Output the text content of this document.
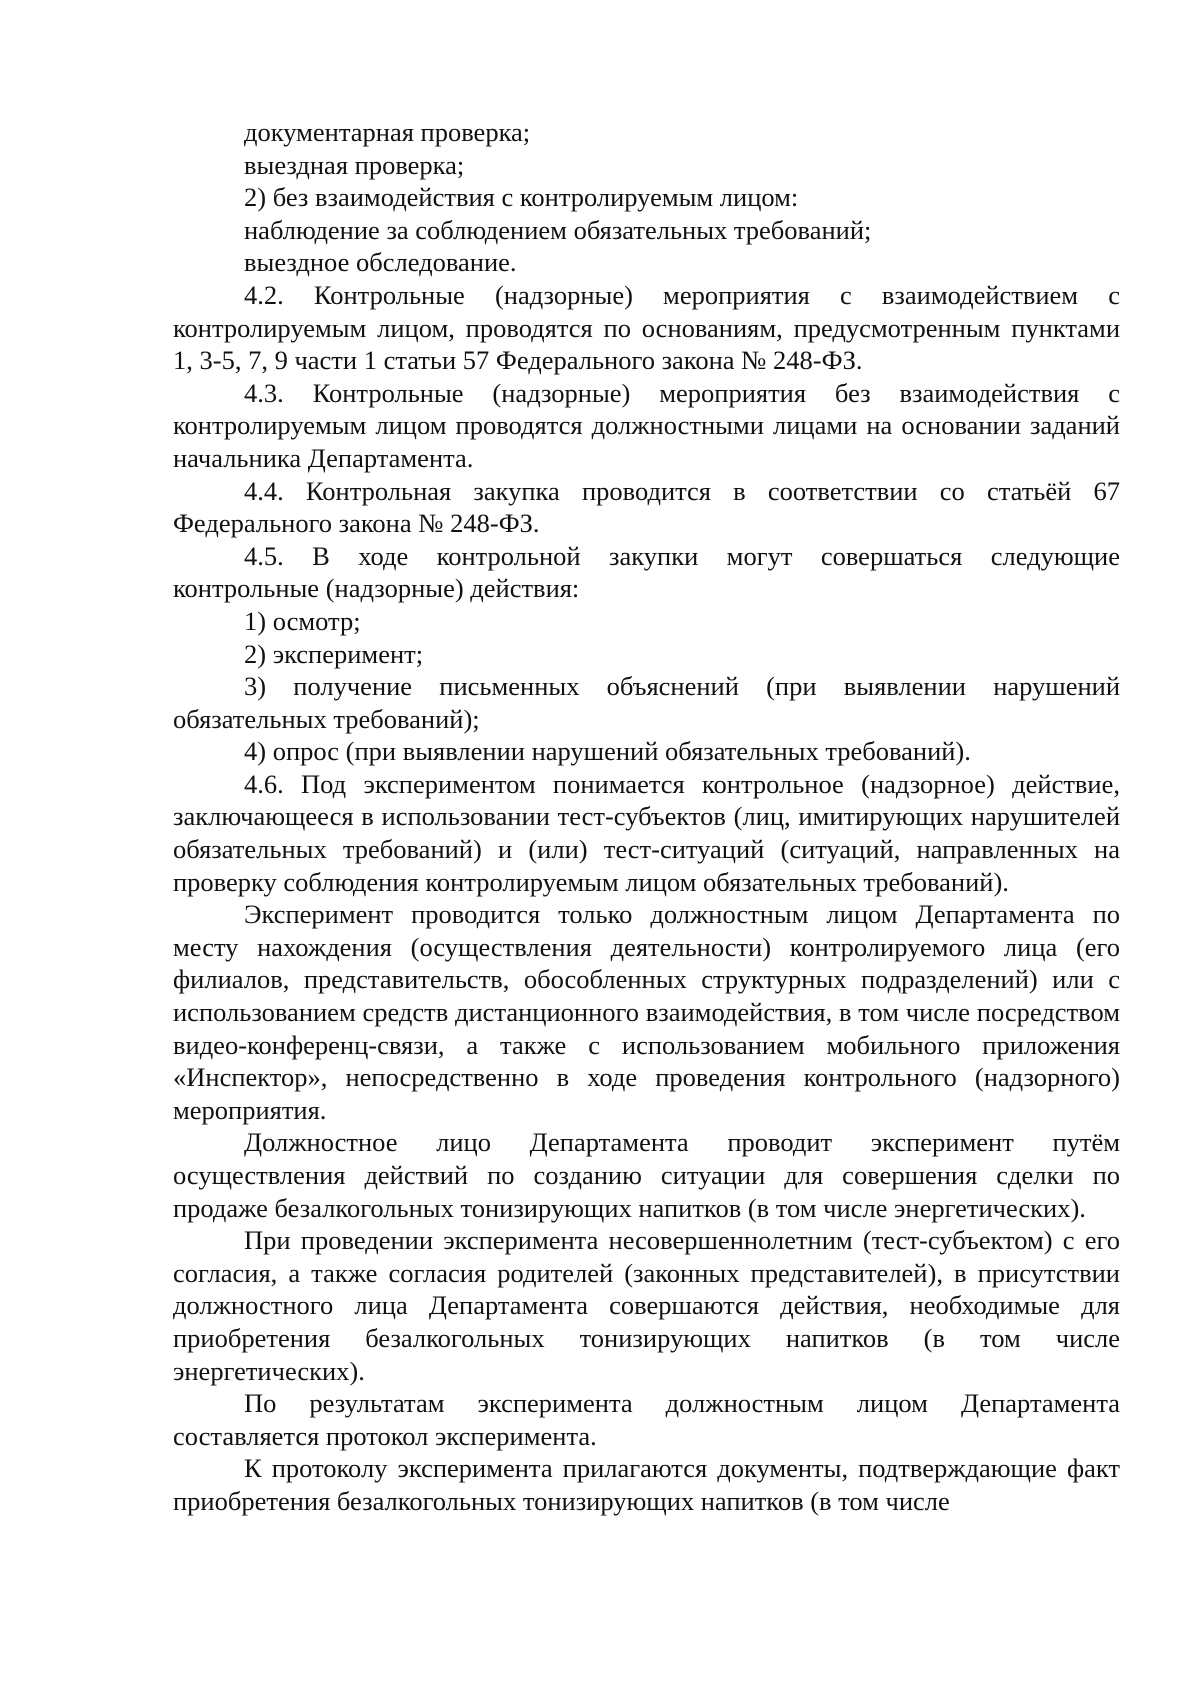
документарная проверка;

выездная проверка;

2) без взаимодействия с контролируемым лицом:

наблюдение за соблюдением обязательных требований;

выездное обследование.

4.2. Контрольные (надзорные) мероприятия с взаимодействием с контролируемым лицом, проводятся по основаниям, предусмотренным пунктами 1, 3-5, 7, 9 части 1 статьи 57 Федерального закона № 248-ФЗ.

4.3. Контрольные (надзорные) мероприятия без взаимодействия с контролируемым лицом проводятся должностными лицами на основании заданий начальника Департамента.

4.4. Контрольная закупка проводится в соответствии со статьёй 67 Федерального закона № 248-ФЗ.

4.5. В ходе контрольной закупки могут совершаться следующие контрольные (надзорные) действия:

1) осмотр;

2) эксперимент;

3) получение письменных объяснений (при выявлении нарушений обязательных требований);

4) опрос (при выявлении нарушений обязательных требований).

4.6. Под экспериментом понимается контрольное (надзорное) действие, заключающееся в использовании тест-субъектов (лиц, имитирующих нарушителей обязательных требований) и (или) тест-ситуаций (ситуаций, направленных на проверку соблюдения контролируемым лицом обязательных требований).

Эксперимент проводится только должностным лицом Департамента по месту нахождения (осуществления деятельности) контролируемого лица (его филиалов, представительств, обособленных структурных подразделений) или с использованием средств дистанционного взаимодействия, в том числе посредством видео-конференц-связи, а также с использованием мобильного приложения «Инспектор», непосредственно в ходе проведения контрольного (надзорного) мероприятия.

Должностное лицо Департамента проводит эксперимент путём осуществления действий по созданию ситуации для совершения сделки по продаже безалкогольных тонизирующих напитков (в том числе энергетических).

При проведении эксперимента несовершеннолетним (тест-субъектом) с его согласия, а также согласия родителей (законных представителей), в присутствии должностного лица Департамента совершаются действия, необходимые для приобретения безалкогольных тонизирующих напитков (в том числе энергетических).

По результатам эксперимента должностным лицом Департамента составляется протокол эксперимента.

К протоколу эксперимента прилагаются документы, подтверждающие факт приобретения безалкогольных тонизирующих напитков (в том числе
